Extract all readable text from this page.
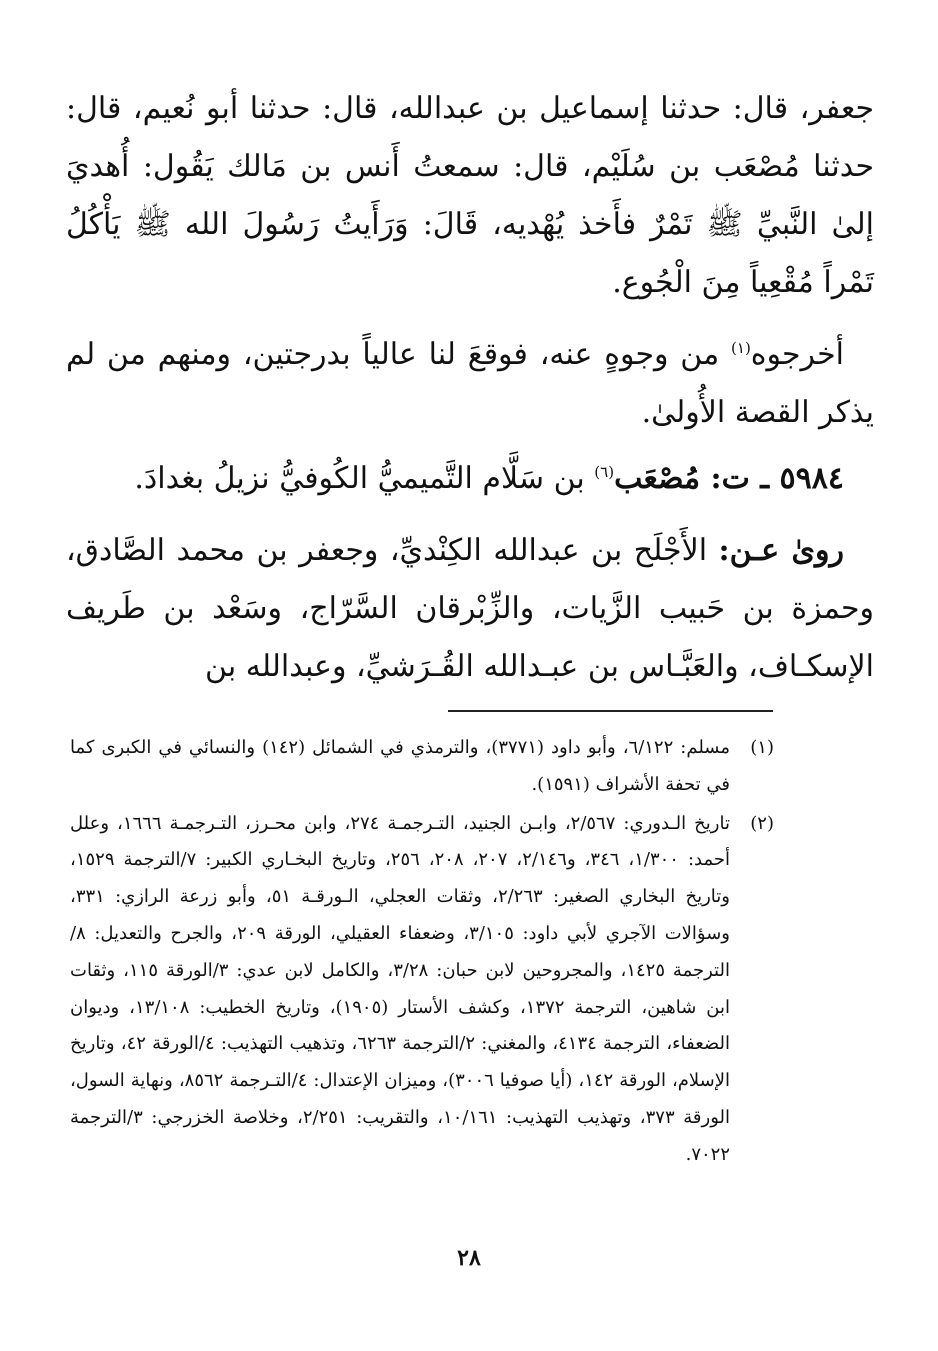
جعفر، قال: حدثنا إسماعيل بن عبدالله، قال: حدثنا أبو نُعيم، قال: حدثنا مُصْعَب بن سُلَيْم، قال: سمعتُ أَنس بن مَالك يَقُول: أُهديَ إلىٰ النَّبيِّ ﷺ تَمْرٌ فأَخذ يُهْديه، قَالَ: وَرَأَيتُ رَسُولَ الله ﷺ يَأْكُلُ تَمْراً مُقْعِياً مِنَ الْجُوع.

أخرجوه$^{(١)}$ من وجوهٍ عنه، فوقعَ لنا عالياً بدرجتين، ومنهم من لم يذكر القصة الأُولىٰ.

٥٩٨٤ ـ ت: مُصْعَب$^{(٦)}$ بن سَلَّام التَّميميُّ الكُوفيُّ نزيلُ بغدادَ.

روىٰ عـن: الأَجْلَح بن عبدالله الكِنْديِّ، وجعفر بن محمد الصَّادق، وحمزة بن حَبيب الزَّيات، والزِّبْرقان السَّرّاج، وسَعْد بن طَريف الإسكـاف، والعَبَّـاس بن عبـدالله القُـرَشيِّ، وعبدالله بن

(١)
مسلم: ٦/١٢٢، وأبو داود (٣٧٧١)، والترمذي في الشمائل (١٤٢) والنسائي في الكبرى كما في تحفة الأشراف (١٥٩١).
(٢)
تاريخ الـدوري: ٢/٥٦٧، وابـن الجنيد، التـرجمـة ٢٧٤، وابن محـرز، التـرجمـة ١٦٦٦، وعلل أحمد: ١/٣٠٠، ٣٤٦، و٢/١٤٦، ٢٠٧، ٢٠٨، ٢٥٦، وتاريخ البخـاري الكبير: ٧/الترجمة ١٥٢٩، وتاريخ البخاري الصغير: ٢/٢٦٣، وثقات العجلي، الـورقـة ٥١، وأبو زرعة الرازي: ٣٣١، وسؤالات الآجري لأبي داود: ٣/١٠٥، وضعفاء العقيلي، الورقة ٢٠٩، والجرح والتعديل: ٨/الترجمة ١٤٢٥، والمجروحين لابن حبان: ٣/٢٨، والكامل لابن عدي: ٣/الورقة ١١٥، وثقات ابن شاهين، الترجمة ١٣٧٢، وكشف الأستار (١٩٠٥)، وتاريخ الخطيب: ١٣/١٠٨، وديوان الضعفاء، الترجمة ٤١٣٤، والمغني: ٢/الترجمة ٦٢٦٣، وتذهيب التهذيب: ٤/الورقة ٤٢، وتاريخ الإسلام، الورقة ١٤٢، (أيا صوفيا ٣٠٠٦)، وميزان الإعتدال: ٤/التـرجمة ٨٥٦٢، ونهاية السول، الورقة ٣٧٣، وتهذيب التهذيب: ١٠/١٦١، والتقريب: ٢/٢٥١، وخلاصة الخزرجي: ٣/الترجمة ٧٠٢٢.
٢٨
